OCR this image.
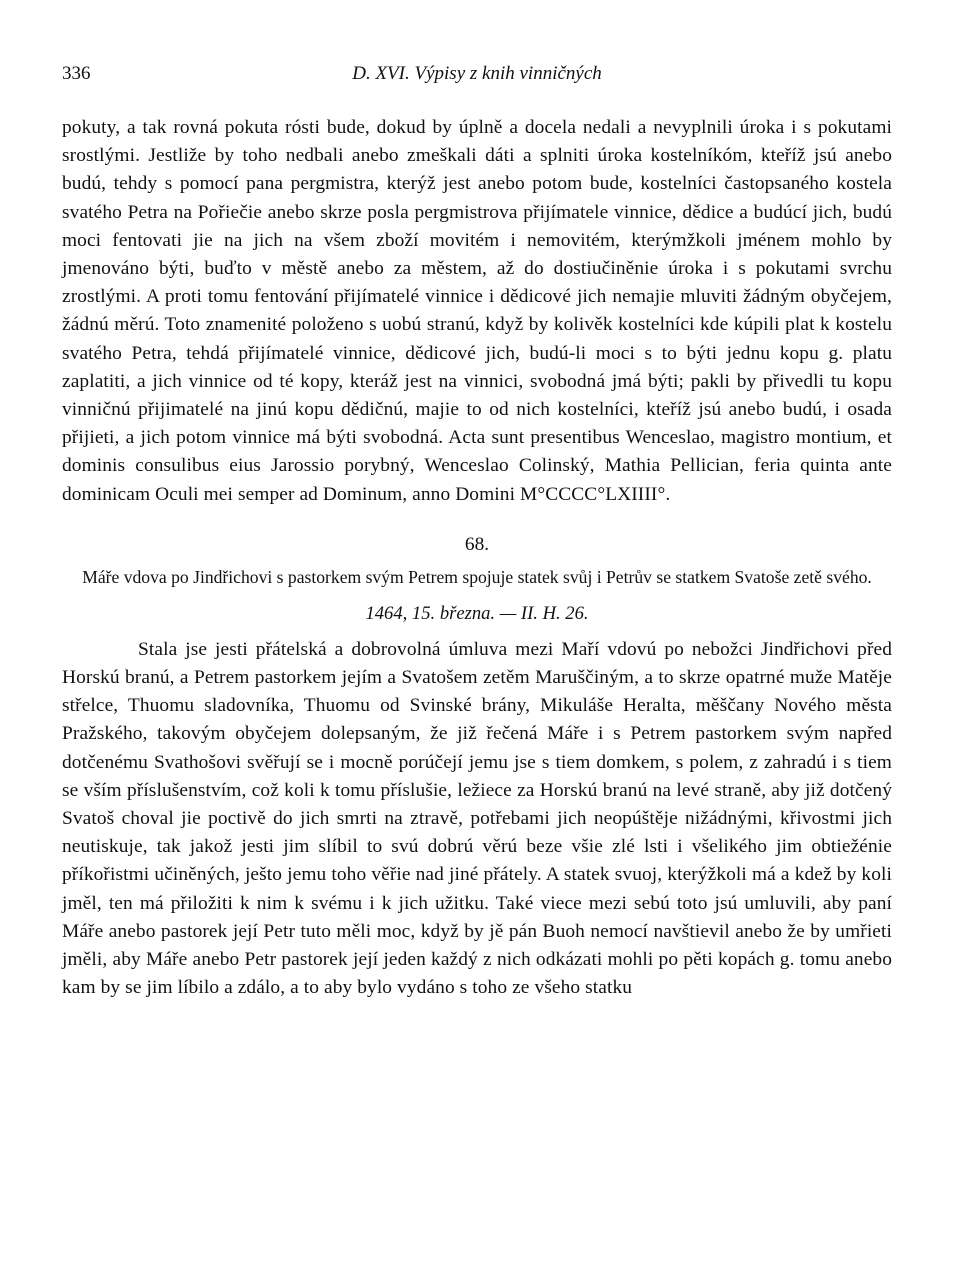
336	D. XVI. Výpisy z knih vinničných

pokuty, a tak rovná pokuta rósti bude, dokud by úplně a docela nedali a nevyplnili úroka i s pokutami srostlými. Jestliže by toho nedbali anebo zmeškali dáti a splniti úroka kostelníkóm, kteříž jsú anebo budú, tehdy s pomocí pana pergmistra, kterýž jest anebo potom bude, kostelníci častopsaného kostela svatého Petra na Pořiečie anebo skrze posla pergmistrova přijímatele vinnice, dědice a budúcí jich, budú moci fentovati jie na jich na všem zboží movitém i nemovitém, kterýmžkoli jménem mohlo by jmenováno býti, buďto v městě anebo za městem, až do dostiučiněnie úroka i s pokutami svrchu zrostlými. A proti tomu fentování přijímatelé vinnice i dědicové jich nemajie mluviti žádným obyčejem, žádnú měrú. Toto znamenité položeno s uobú stranú, když by kolivěk kostelníci kde kúpili plat k kostelu svatého Petra, tehdá přijímatelé vinnice, dědicové jich, budú-li moci s to býti jednu kopu g. platu zaplatiti, a jich vinnice od té kopy, kteráž jest na vinnici, svobodná jmá býti; pakli by přivedli tu kopu vinničnú přijimatelé na jinú kopu dědičnú, majie to od nich kostelníci, kteříž jsú anebo budú, i osada přijieti, a jich potom vinnice má býti svobodná. Acta sunt presentibus Wenceslao, magistro montium, et dominis consulibus eius Jarossio porybný, Wenceslao Colinský, Mathia Pellician, feria quinta ante dominicam Oculi mei semper ad Dominum, anno Domini M°CCCC°LXIIII°.

68.
Máře vdova po Jindřichovi s pastorkem svým Petrem spojuje statek svůj i Petrův se statkem Svatoše zetě svého.
1464, 15. března. — II. H. 26.

Stala jse jesti přátelská a dobrovolná úmluva mezi Maří vdovú po nebožci Jindřichovi před Horskú branú, a Petrem pastorkem jejím a Svatošem zetěm Maruščiným, a to skrze opatrné muže Matěje střelce, Thuomu sladovníka, Thuomu od Svinské brány, Mikuláše Heralta, měščany Nového města Pražského, takovým obyčejem dolepsaným, že již řečená Máře i s Petrem pastorkem svým napřed dotčenému Svathošovi svěřují se i mocně porúčejí jemu jse s tiem domkem, s polem, z zahradú i s tiem se vším příslušenstvím, což koli k tomu příslušie, ležiece za Horskú branú na levé straně, aby již dotčený Svatoš choval jie poctivě do jich smrti na ztravě, potřebami jich neopúštěje nižádnými, křivostmi jich neutiskuje, tak jakož jesti jim slíbil to svú dobrú věrú beze všie zlé lsti i všelikého jim obtiežénie příkořistmi učiněných, ješto jemu toho věřie nad jiné přátely. A statek svuoj, kterýžkoli má a kdež by koli jměl, ten má přiložiti k nim k svému i k jich užitku. Také viece mezi sebú toto jsú umluvili, aby paní Máře anebo pastorek její Petr tuto měli moc, když by jě pán Buoh nemocí navštievil anebo že by umřieti jměli, aby Máře anebo Petr pastorek její jeden každý z nich odkázati mohli po pěti kopách g. tomu anebo kam by se jim líbilo a zdálo, a to aby bylo vydáno s toho ze všeho statku
